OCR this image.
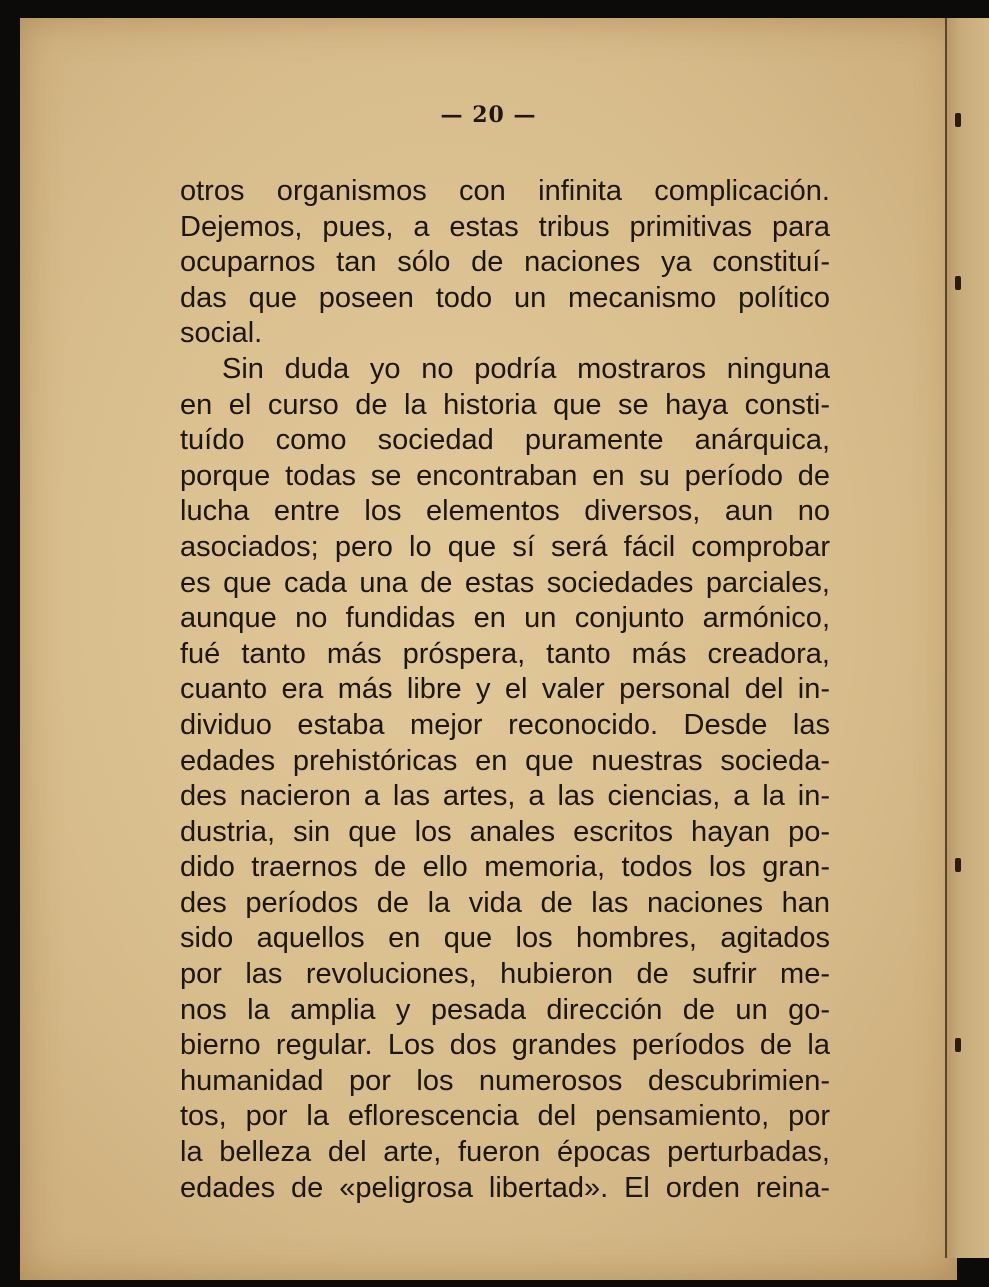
— 20 —
otros organismos con infinita complicación.
Dejemos, pues, a estas tribus primitivas para
ocuparnos tan sólo de naciones ya constituí-
das que poseen todo un mecanismo político
social.
Sin duda yo no podría mostraros ninguna
en el curso de la historia que se haya consti-
tuído como sociedad puramente anárquica,
porque todas se encontraban en su período de
lucha entre los elementos diversos, aun no
asociados; pero lo que sí será fácil comprobar
es que cada una de estas sociedades parciales,
aunque no fundidas en un conjunto armónico,
fué tanto más próspera, tanto más creadora,
cuanto era más libre y el valer personal del in-
dividuo estaba mejor reconocido. Desde las
edades prehistóricas en que nuestras socieda-
des nacieron a las artes, a las ciencias, a la in-
dustria, sin que los anales escritos hayan po-
dido traernos de ello memoria, todos los gran-
des períodos de la vida de las naciones han
sido aquellos en que los hombres, agitados
por las revoluciones, hubieron de sufrir me-
nos la amplia y pesada dirección de un go-
bierno regular. Los dos grandes períodos de la
humanidad por los numerosos descubrimien-
tos, por la eflorescencia del pensamiento, por
la belleza del arte, fueron épocas perturbadas,
edades de «peligrosa libertad». El orden reina-
